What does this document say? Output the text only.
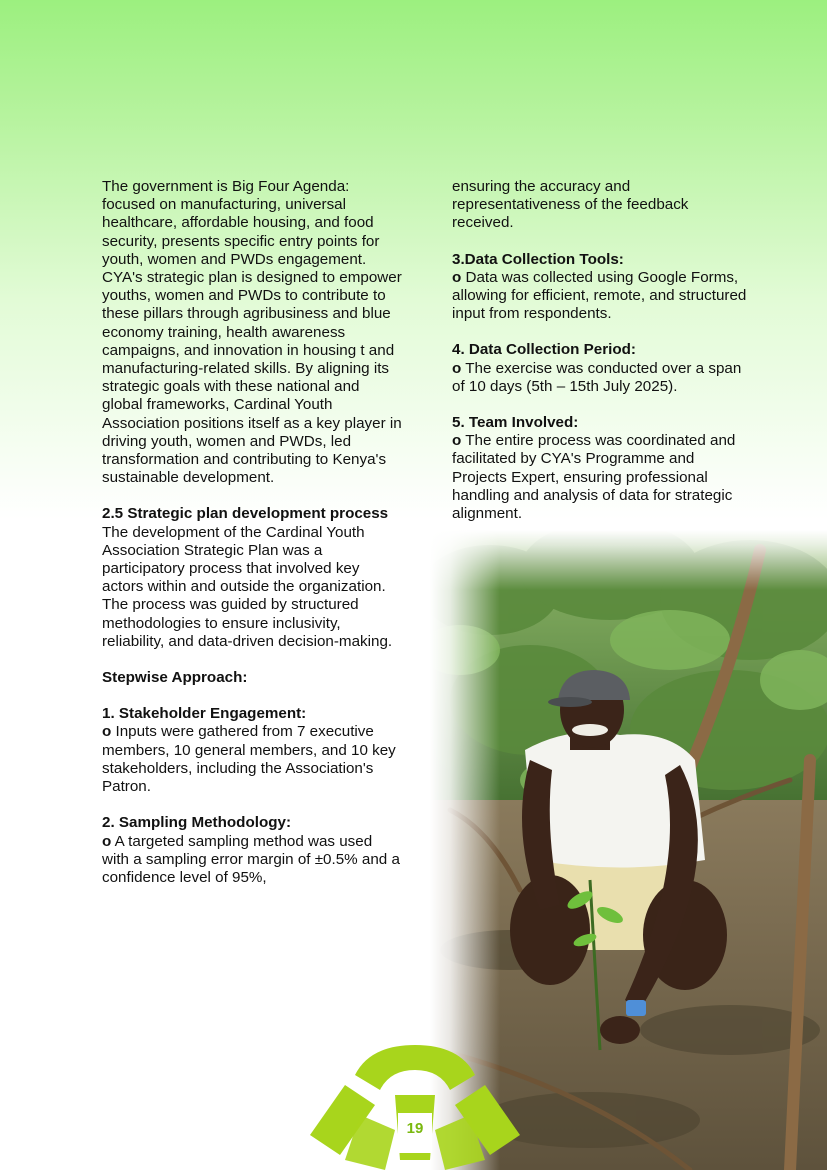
The government is Big Four Agenda: focused on manufacturing, universal healthcare, affordable housing, and food security, presents specific entry points for youth, women and PWDs engagement. CYA's strategic plan is designed to empower youths, women and PWDs to contribute to these pillars through agribusiness and blue economy training, health awareness campaigns, and innovation in housing t and manufacturing-related skills. By aligning its strategic goals with these national and global frameworks, Cardinal Youth Association positions itself as a key player in driving youth, women and PWDs, led transformation and contributing to Kenya's sustainable development.

2.5 Strategic plan development process

The development of the Cardinal Youth Association Strategic Plan was a participatory process that involved key actors within and outside the organization. The process was guided by structured methodologies to ensure inclusivity, reliability, and data-driven decision-making.

Stepwise Approach:

1. Stakeholder Engagement:

o Inputs were gathered from 7 executive members, 10 general members, and 10 key stakeholders, including the Association's Patron.

2. Sampling Methodology:

o A targeted sampling method was used with a sampling error margin of ±0.5% and a confidence level of 95%,

ensuring the accuracy and representativeness of the feedback received.

3.Data Collection Tools:

o Data was collected using Google Forms, allowing for efficient, remote, and structured input from respondents.

4. Data Collection Period:

o The exercise was conducted over a span of 10 days (5th – 15th July 2025).

5. Team Involved:

o The entire process was coordinated and facilitated by CYA's Programme and Projects Expert, ensuring professional handling and analysis of data for strategic alignment.

19
